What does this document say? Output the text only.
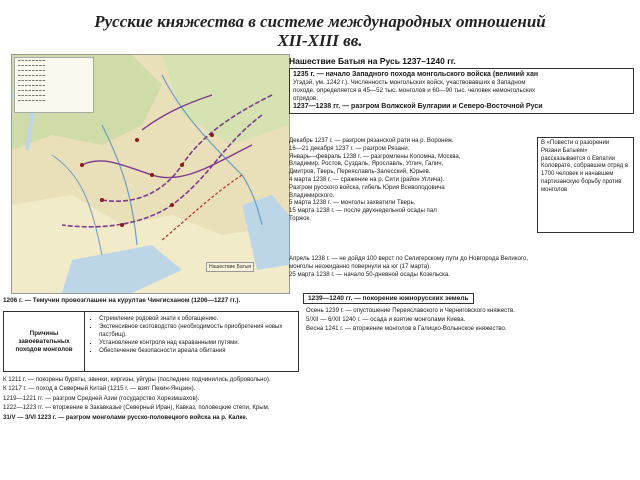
Русские княжества в системе международных отношений
XII-XIII вв.
━ ━ ━ ━ ━ ━ ━ ━
━ ━ ━ ━ ━ ━ ━ ━
━ ━ ━ ━ ━ ━ ━ ━
━ ━ ━ ━ ━ ━ ━ ━
━ ━ ━ ━ ━ ━ ━ ━
━ ━ ━ ━ ━ ━ ━ ━
━ ━ ━ ━ ━ ━ ━ ━
━ ━ ━ ━ ━ ━ ━ ━
━ ━ ━ ━ ━ ━ ━ ━
Нашествие Батыя
Нашествие Батыя на Русь 1237–1240 гг.
1235 г. — начало Западного похода монгольского войска (великий хан
Угэдэй, ум. 1242 г.). Численность монгольских войск, участвовавших в Западном
походе, определяется в 45—52 тыс. монголов и 60—90 тыс. человек немонгольских
отрядов.
1237—1238 гг. — разгром Волжской Булгарии и Северо-Восточной Руси
Декабрь 1237 г. — разгром рязанской рати на р. Воронеж.
16—21 декабря 1237 г. — разгром Рязани.
Январь—февраль 1238 г. — разгромлены Коломна, Москва,
Владимир, Ростов, Суздаль, Ярославль, Углич, Галич,
Дмитров, Тверь, Переяславль-Залесский, Юрьев.
4 марта 1238 г. — сражение на р. Сити (район Углича).
Разгром русского войска, гибель Юрия Всеволодовича
Владимирского.
5 марта 1238 г. — монголы захватили Тверь.
15 марта 1238 г. — после двухнедельной осады пал
Торжок.
В «Повести о разорении Рязани Батыем» рассказывается о Евпатии Коловрате, собравшем отряд в 1700 человек и начавшем партизанскую борьбу против монголов
Апрель 1238 г. — не дойдя 100 верст по Селигерскому пути до Новгорода Великого,
монголы неожиданно повернули на юг (17 марта).
25 марта 1238 г. — начало 50-дневной осады Козельска.
1239—1240 гг. — покорение южнорусских земель
Осень 1239 г. — опустошение Переяславского и Черниговского княжеств.
5/XII — 6/XII 1240 г. — осада и взятие монголами Киева.
Весна 1241 г. — вторжение монголов в Галицко-Волынское княжество.
1206 г. — Темучин провозглашен на курултае Чингисханом (1206—1227 гг.).
Причины завоевательных походов монголов
▪ Стремление родовой знати к обогащению.
▪ Экстенсивное скотоводство (необходимость приобретения новых пастбищ).
▪ Установление контроля над караванными путями.
▪ Обеспечение безопасности ареала обитания
К 1211 г. — покорены буряты, эвенки, киргизы, уйгуры (последние подчинились добровольно).
К 1217 г. — поход в Северный Китай (1215 г. — взят Пекин-Янцзин).
1219—1221 гг. — разгром Средней Азии (государство Хорезмшахов).
1222—1223 гг. — вторжение в Закавказье (Северный Иран), Кавказ, половецкие степи, Крым.
31/V — 3/VI 1223 г. — разгром монголами русско-половецкого войска на р. Калке.
